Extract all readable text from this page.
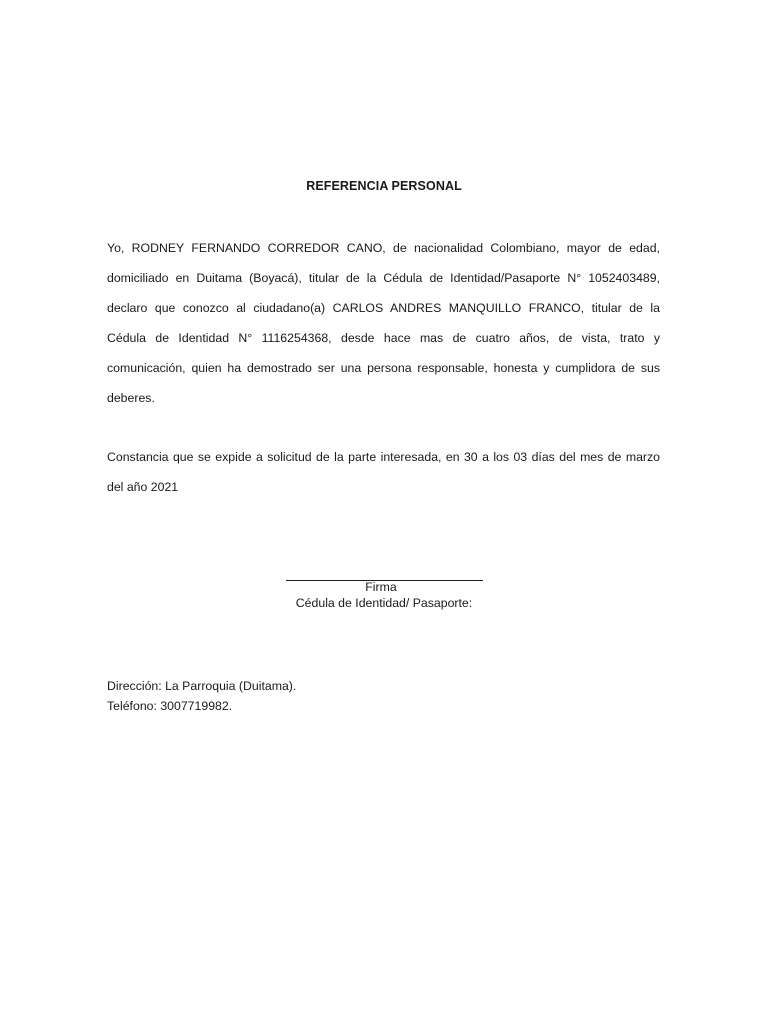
REFERENCIA PERSONAL
Yo, RODNEY FERNANDO CORREDOR CANO, de nacionalidad Colombiano, mayor de edad,
domiciliado en Duitama (Boyacá), titular de la Cédula de Identidad/Pasaporte N° 1052403489,
declaro que conozco al ciudadano(a) CARLOS ANDRES MANQUILLO FRANCO, titular de la
Cédula de Identidad N° 1116254368, desde hace mas de cuatro años, de vista, trato y
comunicación, quien ha demostrado ser una persona responsable, honesta y cumplidora de sus
deberes.
Constancia que se expide a solicitud de la parte interesada, en 30 a los 03 días del mes de marzo
del año 2021
Firma
Cédula de Identidad/ Pasaporte:
Dirección: La Parroquia (Duitama).
Teléfono: 3007719982.
